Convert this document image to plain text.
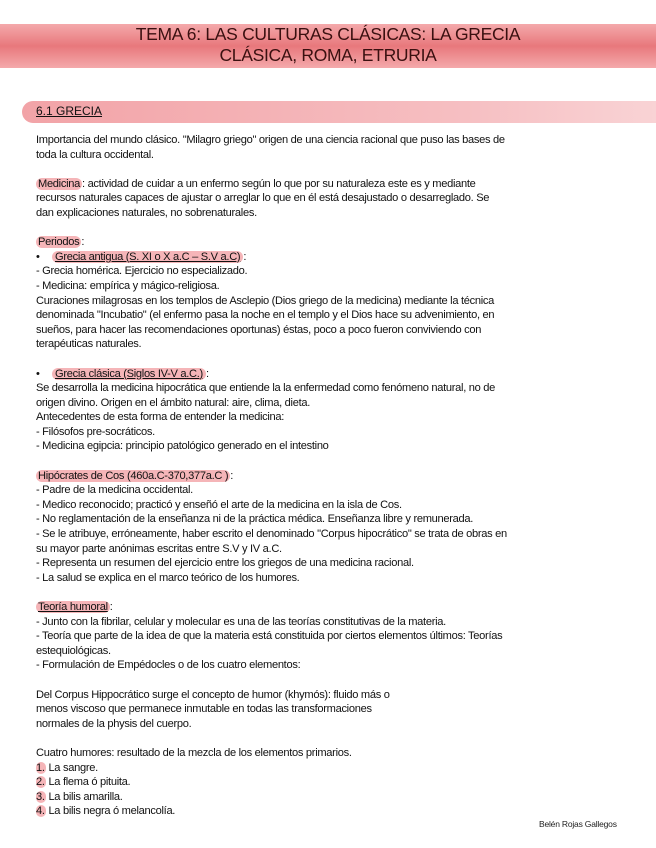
TEMA 6: LAS CULTURAS CLÁSICAS: LA GRECIA
CLÁSICA, ROMA, ETRURIA
6.1 GRECIA

Importancia del mundo clásico. "Milagro griego" origen de una ciencia racional que puso las bases de

toda la cultura occidental.

Medicina : actividad de cuidar a un enfermo según lo que por su naturaleza este es y mediante

recursos naturales capaces de ajustar o arreglar lo que en él está desajustado o desarreglado. Se

dan explicaciones naturales, no sobrenaturales.

Periodos :

• Grecia antigua (S. XI o X a.C – S.V a.C) :

- Grecia homérica. Ejercicio no especializado.

- Medicina: empírica y mágico-religiosa.

Curaciones milagrosas en los templos de Asclepio (Dios griego de la medicina) mediante la técnica

denominada "Incubatio" (el enfermo pasa la noche en el templo y el Dios hace su advenimiento, en

sueños, para hacer las recomendaciones oportunas) éstas, poco a poco fueron conviviendo con

terapéuticas naturales.

• Grecia clásica (Siglos IV-V a.C.) :

Se desarrolla la medicina hipocrática que entiende la la enfermedad como fenómeno natural, no de

origen divino. Origen en el ámbito natural: aire, clima, dieta.

Antecedentes de esta forma de entender la medicina:

- Filósofos pre-socráticos.

- Medicina egipcia: principio patológico generado en el intestino

Hipócrates de Cos (460a.C-370,377a.C ) :

- Padre de la medicina occidental.

- Medico reconocido; practicó y enseñó el arte de la medicina en la isla de Cos.

- No reglamentación de la enseñanza ni de la práctica médica. Enseñanza libre y remunerada.

- Se le atribuye, erróneamente, haber escrito el denominado "Corpus hipocrático" se trata de obras en

su mayor parte anónimas escritas entre S.V y IV a.C.

- Representa un resumen del ejercicio entre los griegos de una medicina racional.

- La salud se explica en el marco teórico de los humores.

Teoría humoral :

- Junto con la fibrilar, celular y molecular es una de las teorías constitutivas de la materia.

- Teoría que parte de la idea de que la materia está constituida por ciertos elementos últimos: Teorías

estequiológicas.

- Formulación de Empédocles o de los cuatro elementos:

Del Corpus Hippocrático surge el concepto de humor (khymós): fluido más o

menos viscoso que permanece inmutable en todas las transformaciones

normales de la physis del cuerpo.

Cuatro humores: resultado de la mezcla de los elementos primarios.

1. La sangre.

2. La flema ó pituita.

3. La bilis amarilla.

4. La bilis negra ó melancolía.

Belén Rojas Gallegos
